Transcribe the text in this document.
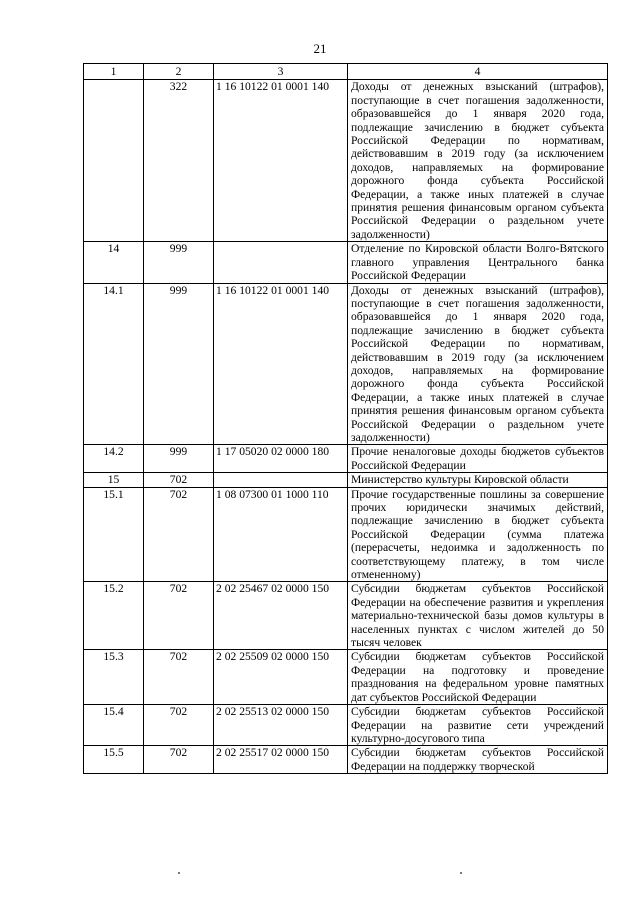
21
1	2	3	4
	322	1 16 10122 01 0001 140	Доходы от денежных взысканий (штрафов), поступающие в счет погашения задолженности, образовавшейся до 1 января 2020 года, подлежащие зачислению в бюджет субъекта Российской Федерации по нормативам, действовавшим в 2019 году (за исключением доходов, направляемых на формирование дорожного фонда субъекта Российской Федерации, а также иных платежей в случае принятия решения финансовым органом субъекта Российской Федерации о раздельном учете задолженности)
14	999		Отделение по Кировской области Волго-Вятского главного управления Центрального банка Российской Федерации
14.1	999	1 16 10122 01 0001 140	Доходы от денежных взысканий (штрафов), поступающие в счет погашения задолженности, образовавшейся до 1 января 2020 года, подлежащие зачислению в бюджет субъекта Российской Федерации по нормативам, действовавшим в 2019 году (за исключением доходов, направляемых на формирование дорожного фонда субъекта Российской Федерации, а также иных платежей в случае принятия решения финансовым органом субъекта Российской Федерации о раздельном учете задолженности)
14.2	999	1 17 05020 02 0000 180	Прочие неналоговые доходы бюджетов субъектов Российской Федерации
15	702		Министерство культуры Кировской области
15.1	702	1 08 07300 01 1000 110	Прочие государственные пошлины за совершение прочих юридически значимых действий, подлежащие зачислению в бюджет субъекта Российской Федерации (сумма платежа (перерасчеты, недоимка и задолженность по соответствующему платежу, в том числе отмененному)
15.2	702	2 02 25467 02 0000 150	Субсидии бюджетам субъектов Российской Федерации на обеспечение развития и укрепления материально-технической базы домов культуры в населенных пунктах с числом жителей до 50 тысяч человек
15.3	702	2 02 25509 02 0000 150	Субсидии бюджетам субъектов Российской Федерации на подготовку и проведение празднования на федеральном уровне памятных дат субъектов Российской Федерации
15.4	702	2 02 25513 02 0000 150	Субсидии бюджетам субъектов Российской Федерации на развитие сети учреждений культурно-досугового типа
15.5	702	2 02 25517 02 0000 150	Субсидии бюджетам субъектов Российской Федерации на поддержку творческой
